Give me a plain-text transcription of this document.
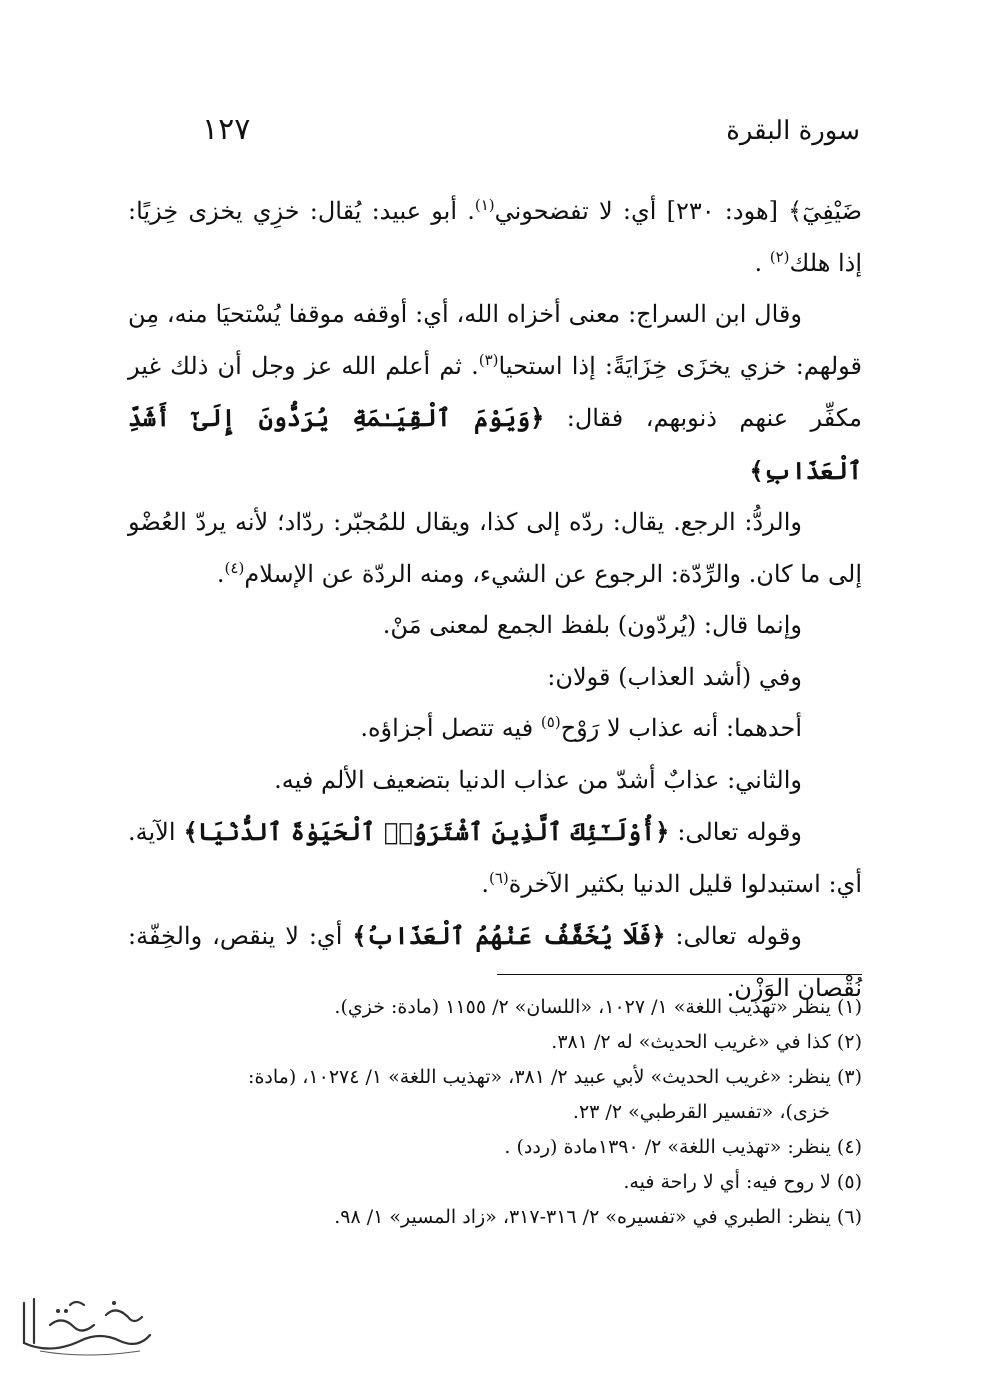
سورة البقرة
١٢٧

ضَيْفِيٓ﴾ [هود: ٢٣٠] أي: لا تفضحوني$^{(١)}$. أبو عبيد: يُقال: خزِي يخزى خِزيًا: إذا هلك$^{(٢)}$ .

وقال ابن السراج: معنى أخزاه الله، أي: أوقفه موقفا يُسْتحيَا منه، مِن قولهم: خزي يخزَى خِزَايَةً: إذا استحيا$^{(٣)}$. ثم أعلم الله عز وجل أن ذلك غير مكفِّر عنهم ذنوبهم، فقال: ﴿وَيَوْمَ ٱلْقِيَـٰمَةِ يُرَدُّونَ إِلَىٰٓ أَشَدِّ ٱلْعَذَابِ﴾

والردُّ: الرجع. يقال: ردّه إلى كذا، ويقال للمُجبّر: ردّاد؛ لأنه يردّ العُضْو إلى ما كان. والرِّدّة: الرجوع عن الشيء، ومنه الردّة عن الإسلام$^{(٤)}$.

وإنما قال: (يُردّون) بلفظ الجمع لمعنى مَنْ.

وفي (أشد العذاب) قولان:

أحدهما: أنه عذاب لا رَوْح$^{(٥)}$ فيه تتصل أجزاؤه.

والثاني: عذابٌ أشدّ من عذاب الدنيا بتضعيف الألم فيه.

وقوله تعالى: ﴿أُوْلَـٰٓئِكَ ٱلَّذِينَ ٱشْتَرَوُا۟ ٱلْحَيَوٰةَ ٱلدُّنْيَا﴾ الآية. أي: استبدلوا قليل الدنيا بكثير الآخرة$^{(٦)}$.

وقوله تعالى: ﴿فَلَا يُخَفَّفُ عَنْهُمُ ٱلْعَذَابُ﴾ أي: لا ينقص، والخِفّة: نُقْصان الوَزْن.

(١) ينظر «تهذيب اللغة» ١/ ١٠٢٧، «اللسان» ٢/ ١١٥٥ (مادة: خزي).

(٢) كذا في «غريب الحديث» له ٢/ ٣٨١.

(٣) ينظر: «غريب الحديث» لأبي عبيد ٢/ ٣٨١، «تهذيب اللغة» ١/ ١٠٢٧٤، (مادة:

خزى)، «تفسير القرطبي» ٢/ ٢٣.

(٤) ينظر: «تهذيب اللغة» ٢/ ١٣٩٠مادة (ردد) .

(٥) لا روح فيه: أي لا راحة فيه.

(٦) ينظر: الطبري في «تفسيره» ٢/ ٣١٦-٣١٧، «زاد المسير» ١/ ٩٨.
